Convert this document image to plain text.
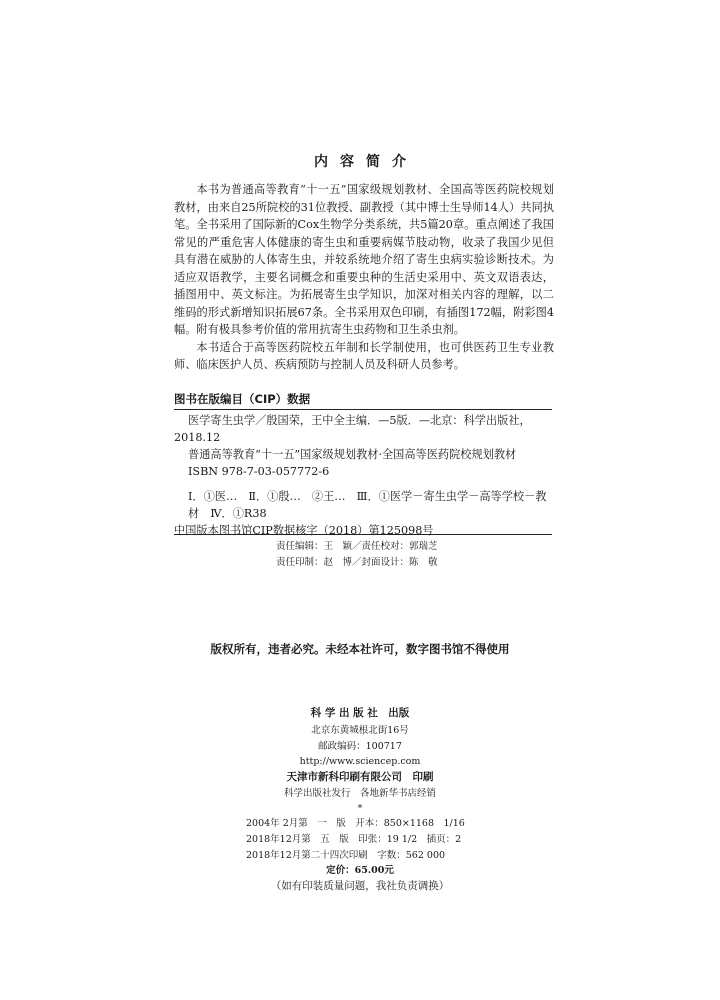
内容简介

本书为普通高等教育“十一五”国家级规划教材、全国高等医药院校规划教材，由来自25所院校的31位教授、副教授（其中博士生导师14人）共同执笔。全书采用了国际新的Cox生物学分类系统，共5篇20章。重点阐述了我国常见的严重危害人体健康的寄生虫和重要病媒节肢动物，收录了我国少见但具有潜在威胁的人体寄生虫，并较系统地介绍了寄生虫病实验诊断技术。为适应双语教学，主要名词概念和重要虫种的生活史采用中、英文双语表达，插图用中、英文标注。为拓展寄生虫学知识，加深对相关内容的理解，以二维码的形式新增知识拓展67条。全书采用双色印刷，有插图172幅，附彩图4幅。附有极具参考价值的常用抗寄生虫药物和卫生杀虫剂。

本书适合于高等医药院校五年制和长学制使用，也可供医药卫生专业教师、临床医护人员、疾病预防与控制人员及科研人员参考。

图书在版编目（CIP）数据
医学寄生虫学／殷国荣，王中全主编．—5版．—北京：科学出版社，
2018.12
普通高等教育“十一五”国家级规划教材·全国高等医药院校规划教材
ISBN 978-7-03-057772-6
Ⅰ．①医…　Ⅱ．①殷…　②王…　Ⅲ．①医学－寄生虫学－高等学校－教
材　Ⅳ．①R38
中国版本图书馆CIP数据核字（2018）第125098号
责任编辑：王　颖／责任校对：郭瑞芝
责任印制：赵　博／封面设计：陈　敬
版权所有，违者必究。未经本社许可，数字图书馆不得使用
科 学 出 版 社　出版
北京东黄城根北街16号
邮政编码：100717
http://www.sciencep.com
天津市新科印刷有限公司　印刷
科学出版社发行　各地新华书店经销
*
2004年 2月第　一　版　开本：850×1168　1/16
2018年12月第　五　版　印张：19 1/2　插页：2
2018年12月第二十四次印刷　字数：562 000
定价：65.00元
（如有印装质量问题，我社负责调换）
